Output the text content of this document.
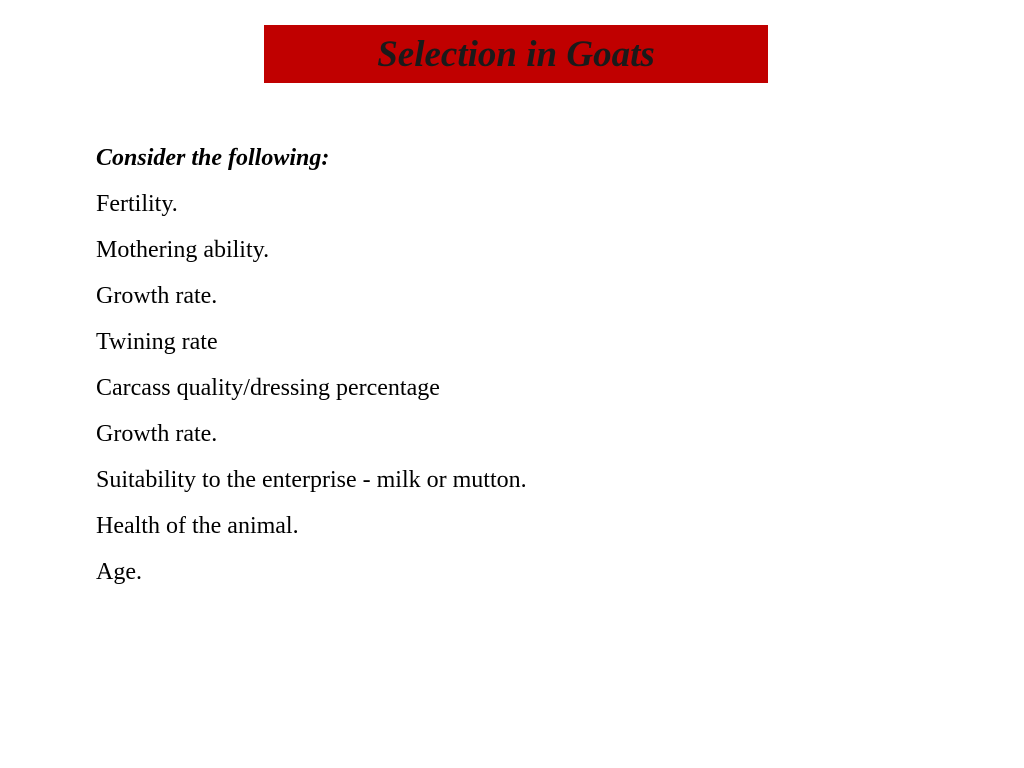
Selection in Goats
Consider the following:
Fertility.
Mothering ability.
Growth rate.
Twining rate
Carcass quality/dressing percentage
Growth rate.
Suitability to the enterprise - milk or mutton.
Health of the animal.
Age.
